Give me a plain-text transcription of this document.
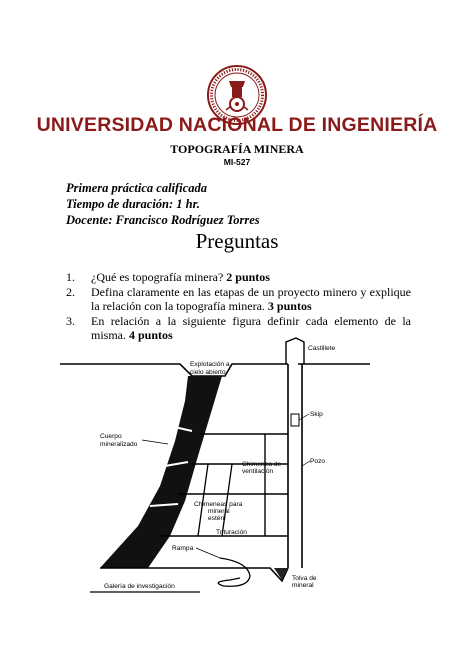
UNIVERSIDAD NACIONAL DE INGENIERÍA
TOPOGRAFÍA MINERA
MI-527
Primera práctica calificada
Tiempo de duración: 1 hr.
Docente: Francisco Rodríguez Torres
Preguntas
1.	¿Qué es topografía minera? 2 puntos
2.	Defina claramente en las etapas de un proyecto minero y explique la relación con la topografía minera. 3 puntos
3.	En relación a la siguiente figura definir cada elemento de la misma. 4 puntos
Castillete
Explotación a
cielo abierto
Skip
Cuerpo
mineralizado
Chimenea de
ventilación
Pozo
Chimeneas para
mineral
estéril
Trituración
Rampa
Galería de investigación
Tolva de
mineral
